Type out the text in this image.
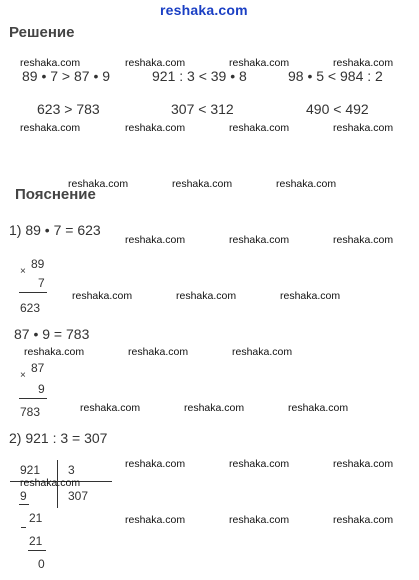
reshaka.com
Решение
reshaka.com	reshaka.com	reshaka.com	reshaka.com
89 • 7 > 87 • 9	921 : 3 < 39 • 8	98 • 5 < 984 : 2
623 > 783	307 < 312	490 < 492
reshaka.com	reshaka.com	reshaka.com	reshaka.com
reshaka.com	reshaka.com	reshaka.com
Пояснение
1) 89 • 7 = 623
reshaka.com	reshaka.com	reshaka.com
89
×
7
623
reshaka.com	reshaka.com	reshaka.com
87 • 9 = 783
reshaka.com	reshaka.com	reshaka.com
87
×
9
783	reshaka.com	reshaka.com	reshaka.com
2) 921 : 3 = 307
reshaka.com	reshaka.com	reshaka.com
921 3
reshaka.com
9	307
21	reshaka.com	reshaka.com	reshaka.com
21
0
